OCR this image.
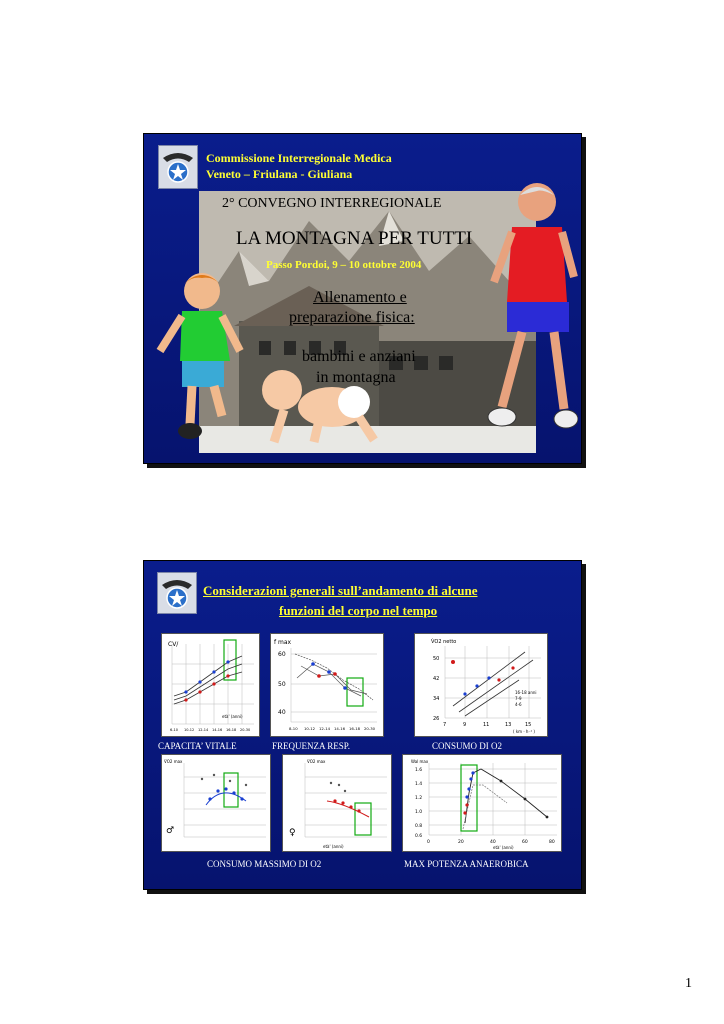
Commissione Interregionale Medica
Veneto – Friulana - Giuliana
2° CONVEGNO INTERREGIONALE
LA MONTAGNA PER TUTTI
Passo Pordoi, 9 – 10 ottobre 2004
Allenamento e
preparazione fisica:
bambini e anziani
in montagna
Considerazioni generali sull’andamento di alcune
funzioni del corpo nel tempo
CV/
età' (anni)
6-10 10-12 12-14 14-16 16-18 20-30
f max
60
50
40
8-10 10-12 12-14 14-16 16-18 20-30
V̇O2 netto
50
42
34
26
7	9	11	13	15
( km · h⁻¹ )
16-18 anni
7-9
4-6
CAPACITA’ VITALE	FREQUENZA RESP.	CONSUMO DI O2
V̇O2 max
♂
V̇O2 max
♀
età' (anni)
Wal max
1.6
1.4
1.2
1.0
0.8
0.6
0	20	40	60	80
età' (anni)
CONSUMO MASSIMO DI O2	MAX POTENZA ANAEROBICA
1
